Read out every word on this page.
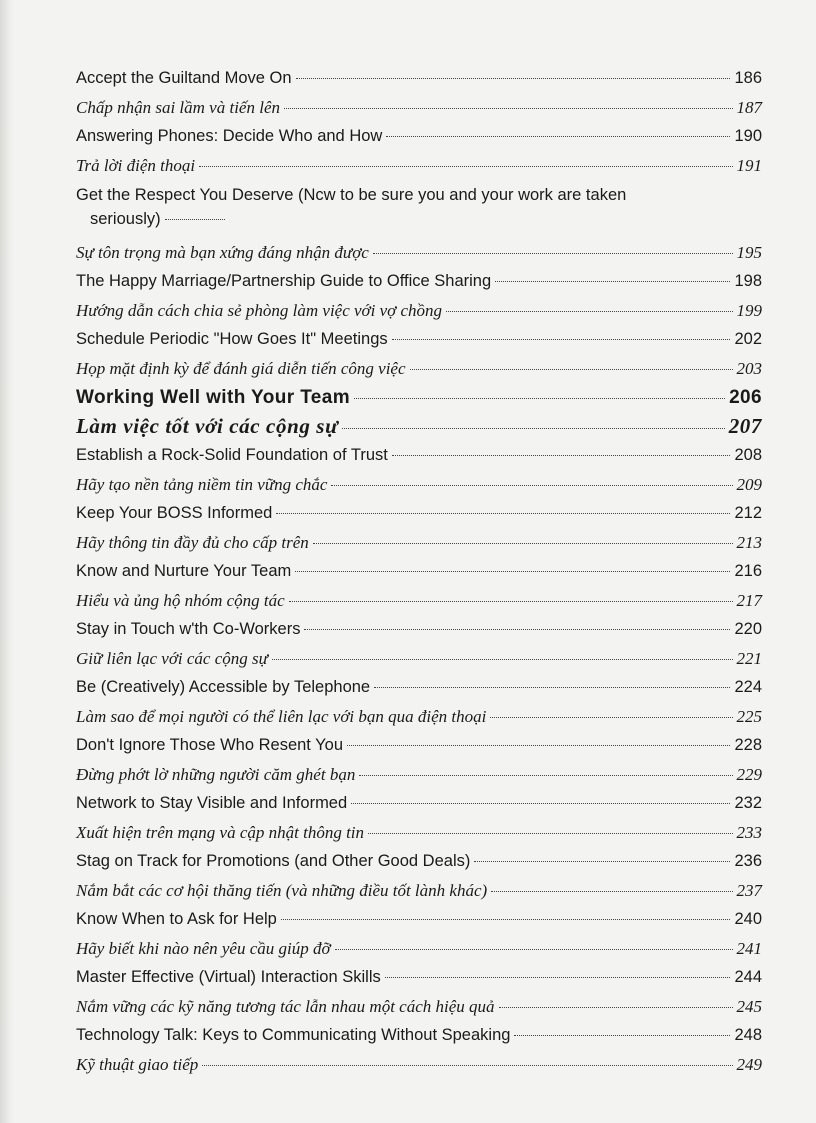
Accept the Guiltand Move On	186
Chấp nhận sai lầm và tiến lên	187
Answering Phones: Decide Who and How	190
Trả lời điện thoại	191
Get the Respect You Deserve (Ncw to be sure you and your work are taken
seriously)
Sự tôn trọng mà bạn xứng đáng nhận được	195
The Happy Marriage/Partnership Guide to Office Sharing	198
Hướng dẫn cách chia sẻ phòng làm việc với vợ chồng	199
Schedule Periodic "How Goes It" Meetings	202
Họp mặt định kỳ để đánh giá diễn tiến công việc	203
Working Well with Your Team	206
Làm việc tốt với các cộng sự	207
Establish a Rock-Solid Foundation of Trust	208
Hãy tạo nền tảng niềm tin vững chắc	209
Keep Your BOSS Informed	212
Hãy thông tin đầy đủ cho cấp trên	213
Know and Nurture Your Team	216
Hiểu và ủng hộ nhóm cộng tác	217
Stay in Touch w'th Co-Workers	220
Giữ liên lạc với các cộng sự	221
Be (Creatively) Accessible by Telephone	224
Làm sao để mọi người có thể liên lạc với bạn qua điện thoại	225
Don't Ignore Those Who Resent You	228
Đừng phớt lờ những người căm ghét bạn	229
Network to Stay Visible and Informed	232
Xuất hiện trên mạng và cập nhật thông tin	233
Stag on Track for Promotions (and Other Good Deals)	236
Nắm bắt các cơ hội thăng tiến (và những điều tốt lành khác)	237
Know When to Ask for Help	240
Hãy biết khi nào nên yêu cầu giúp đỡ	241
Master Effective (Virtual) Interaction Skills	244
Nắm vững các kỹ năng tương tác lẫn nhau một cách hiệu quả	245
Technology Talk: Keys to Communicating Without Speaking	248
Kỹ thuật giao tiếp	249
